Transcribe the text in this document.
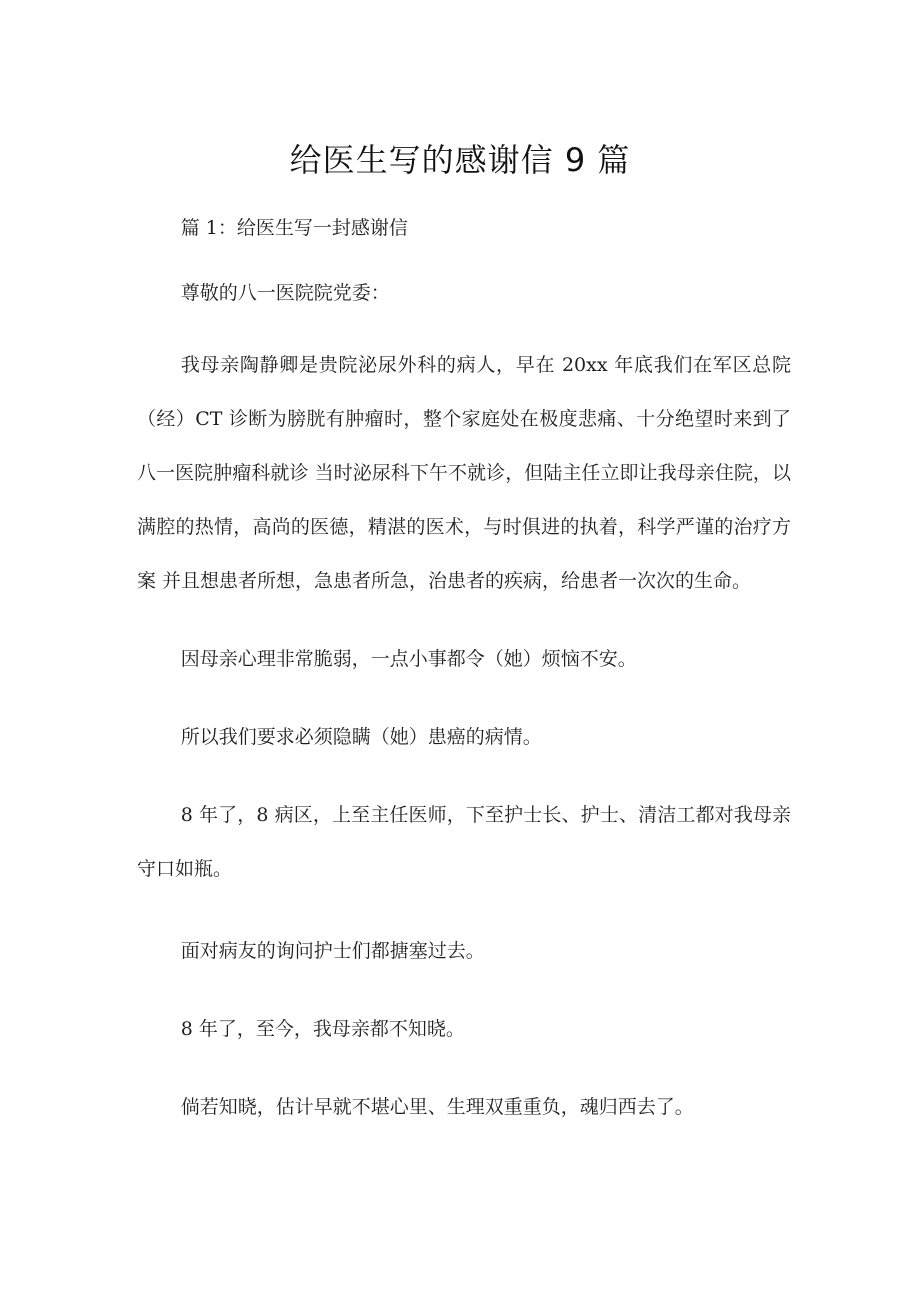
给医生写的感谢信 9 篇

篇 1：给医生写一封感谢信

尊敬的八一医院院党委：

我母亲陶静卿是贵院泌尿外科的病人，早在 20xx 年底我们在军区总院（经）CT 诊断为膀胱有肿瘤时，整个家庭处在极度悲痛、十分绝望时来到了八一医院肿瘤科就诊 当时泌尿科下午不就诊，但陆主任立即让我母亲住院，以满腔的热情，高尚的医德，精湛的医术，与时俱进的执着，科学严谨的治疗方案 并且想患者所想，急患者所急，治患者的疾病，给患者一次次的生命。

因母亲心理非常脆弱，一点小事都令（她）烦恼不安。

所以我们要求必须隐瞒（她）患癌的病情。

8 年了，8 病区，上至主任医师，下至护士长、护士、清洁工都对我母亲守口如瓶。

面对病友的询问护士们都搪塞过去。

8 年了，至今，我母亲都不知晓。

倘若知晓，估计早就不堪心里、生理双重重负，魂归西去了。
